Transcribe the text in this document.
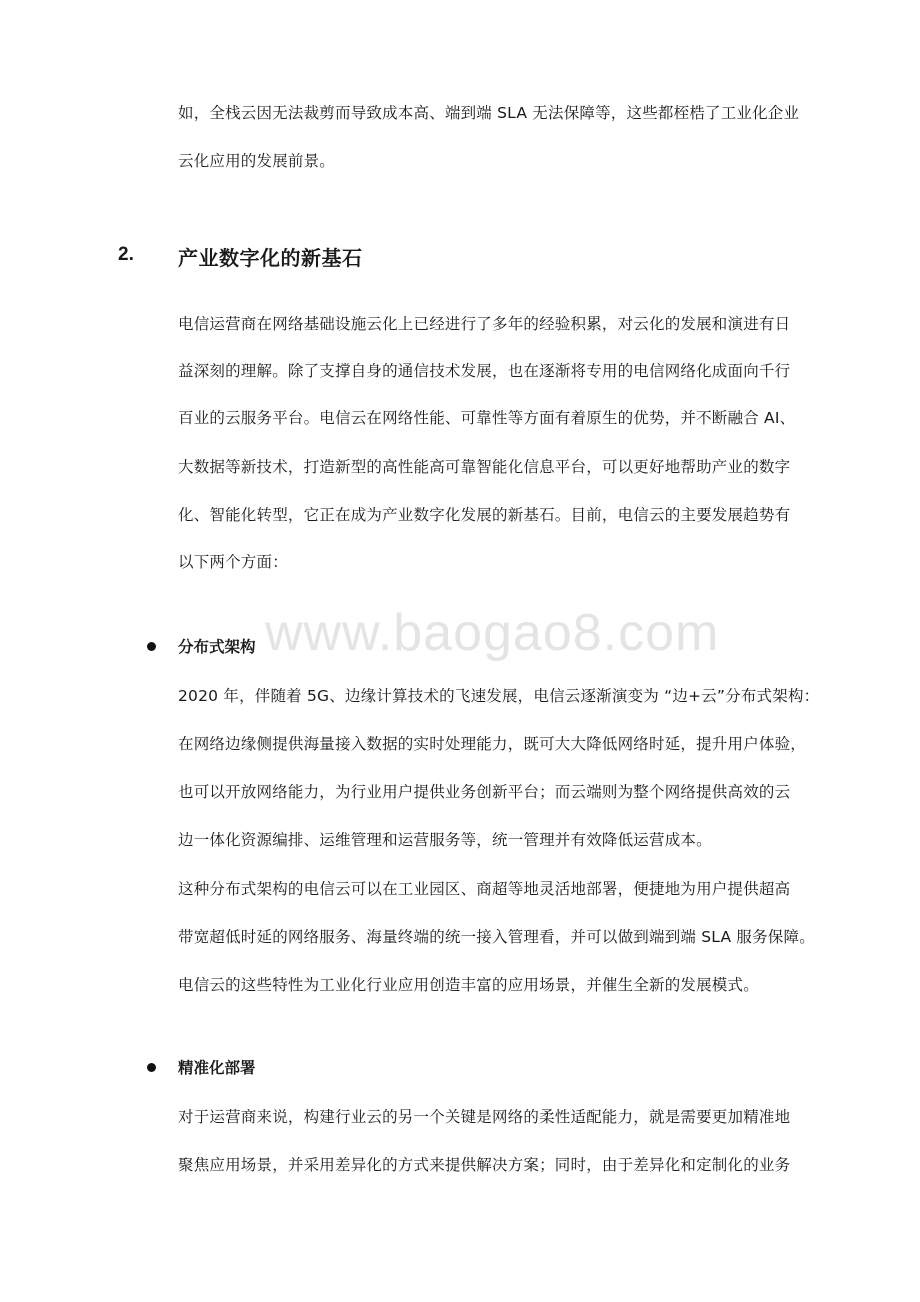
如，全栈云因无法裁剪而导致成本高、端到端 SLA 无法保障等，这些都桎梏了工业化企业
云化应用的发展前景。
2. 产业数字化的新基石
电信运营商在网络基础设施云化上已经进行了多年的经验积累，对云化的发展和演进有日
益深刻的理解。除了支撑自身的通信技术发展，也在逐渐将专用的电信网络化成面向千行
百业的云服务平台。电信云在网络性能、可靠性等方面有着原生的优势，并不断融合 AI、
大数据等新技术，打造新型的高性能高可靠智能化信息平台，可以更好地帮助产业的数字
化、智能化转型，它正在成为产业数字化发展的新基石。目前，电信云的主要发展趋势有
以下两个方面：
www.baogao8.com
分布式架构
2020 年，伴随着 5G、边缘计算技术的飞速发展，电信云逐渐演变为 “边+云”分布式架构：
在网络边缘侧提供海量接入数据的实时处理能力，既可大大降低网络时延，提升用户体验，
也可以开放网络能力，为行业用户提供业务创新平台；而云端则为整个网络提供高效的云
边一体化资源编排、运维管理和运营服务等，统一管理并有效降低运营成本。
这种分布式架构的电信云可以在工业园区、商超等地灵活地部署，便捷地为用户提供超高
带宽超低时延的网络服务、海量终端的统一接入管理看，并可以做到端到端 SLA 服务保障。
电信云的这些特性为工业化行业应用创造丰富的应用场景，并催生全新的发展模式。
精准化部署
对于运营商来说，构建行业云的另一个关键是网络的柔性适配能力，就是需要更加精准地
聚焦应用场景，并采用差异化的方式来提供解决方案；同时，由于差异化和定制化的业务
